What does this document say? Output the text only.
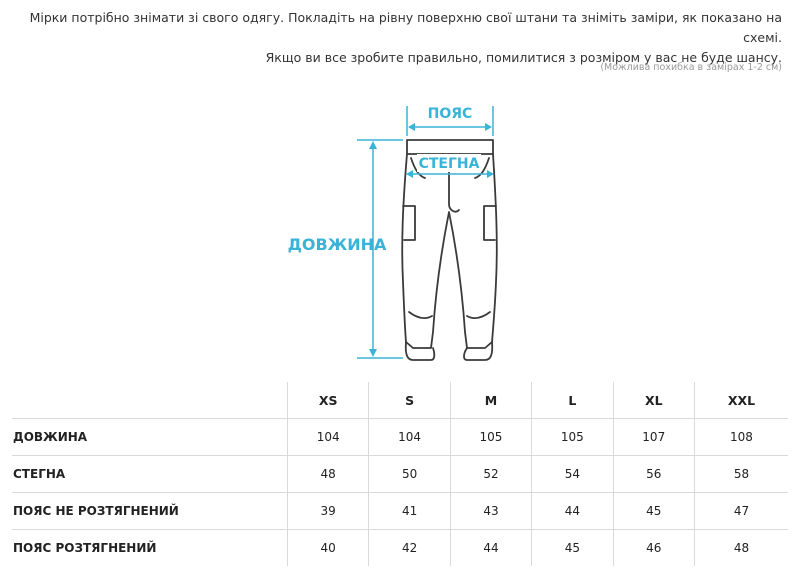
Мірки потрібно знімати зі свого одягу. Покладіть на рівну поверхню свої штани та зніміть заміри, як показано на схемі.
Якщо ви все зробите правильно, помилитися з розміром у вас не буде шансу.
(Можлива похибка в замірах 1-2 см)
ПОЯС
СТЕГНА
ДОВЖИНА
	XS	S	M	L	XL	XXL
ДОВЖИНА	104	104	105	105	107	108
СТЕГНА	48	50	52	54	56	58
ПОЯС НЕ РОЗТЯГНЕНИЙ	39	41	43	44	45	47
ПОЯС РОЗТЯГНЕНИЙ	40	42	44	45	46	48
